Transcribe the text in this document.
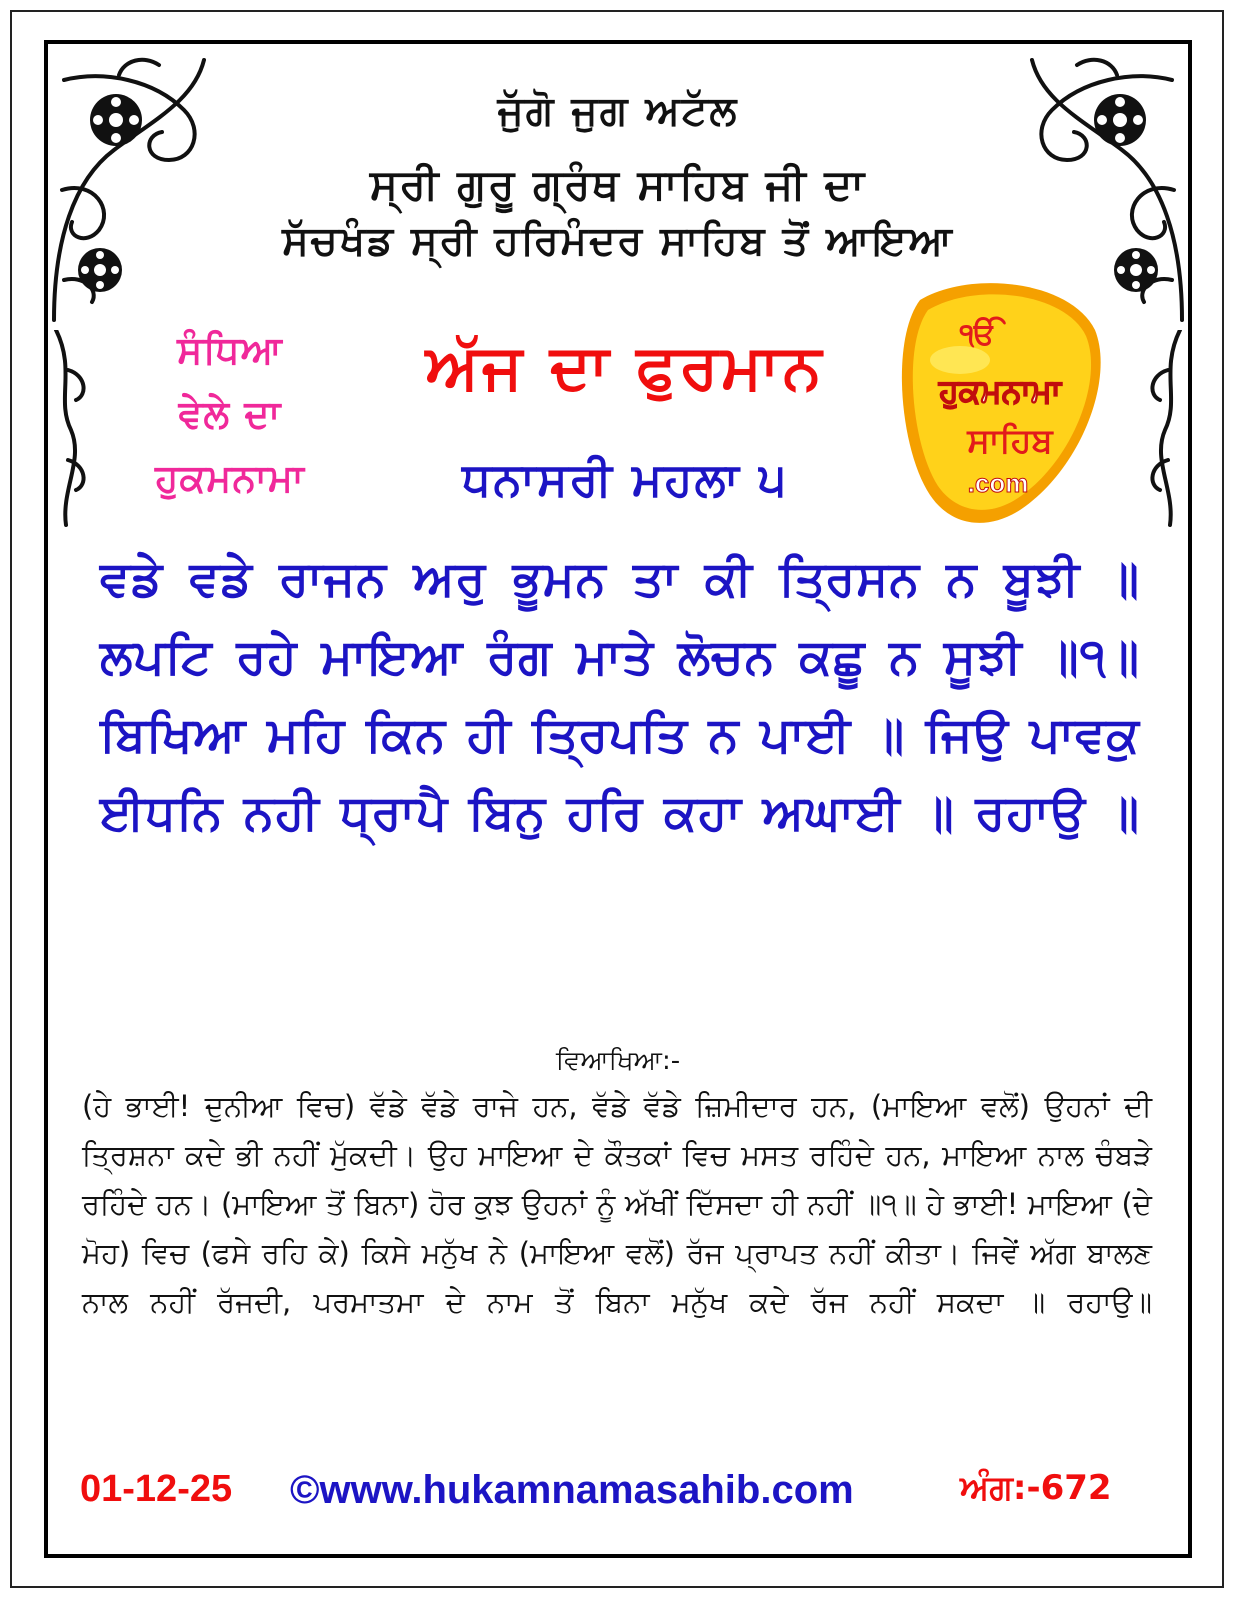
ਜੁੱਗੋ ਜੁਗ ਅਟੱਲ
ਸ੍ਰੀ ਗੁਰੂ ਗ੍ਰੰਥ ਸਾਹਿਬ ਜੀ ਦਾ
ਸੱਚਖੰਡ ਸ੍ਰੀ ਹਰਿਮੰਦਰ ਸਾਹਿਬ ਤੋਂ ਆਇਆ
ਸੰਧਿਆ
ਵੇਲੇ ਦਾ
ਹੁਕਮਨਾਮਾ
ਅੱਜ ਦਾ ਫੁਰਮਾਨ
ਧਨਾਸਰੀ ਮਹਲਾ ੫
ੴ
ਹੁਕਮਨਾਮਾ
ਸਾਹਿਬ
.com
ਵਡੇ ਵਡੇ ਰਾਜਨ ਅਰੁ ਭੂਮਨ ਤਾ ਕੀ ਤ੍ਰਿਸਨ ਨ ਬੂਝੀ ॥ ਲਪਟਿ ਰਹੇ ਮਾਇਆ ਰੰਗ ਮਾਤੇ ਲੋਚਨ ਕਛੂ ਨ ਸੂਝੀ ॥੧॥ ਬਿਖਿਆ ਮਹਿ ਕਿਨ ਹੀ ਤ੍ਰਿਪਤਿ ਨ ਪਾਈ ॥ ਜਿਉ ਪਾਵਕੁ ਈਧਨਿ ਨਹੀ ਧ੍ਰਾਪੈ ਬਿਨੁ ਹਰਿ ਕਹਾ ਅਘਾਈ ॥ ਰਹਾਉ ॥
ਵਿਆਖਿਆ:-
(ਹੇ ਭਾਈ! ਦੁਨੀਆ ਵਿਚ) ਵੱਡੇ ਵੱਡੇ ਰਾਜੇ ਹਨ, ਵੱਡੇ ਵੱਡੇ ਜ਼ਿਮੀਦਾਰ ਹਨ, (ਮਾਇਆ ਵਲੋਂ) ਉਹਨਾਂ ਦੀ ਤ੍ਰਿਸ਼ਨਾ ਕਦੇ ਭੀ ਨਹੀਂ ਮੁੱਕਦੀ। ਉਹ ਮਾਇਆ ਦੇ ਕੌਤਕਾਂ ਵਿਚ ਮਸਤ ਰਹਿੰਦੇ ਹਨ, ਮਾਇਆ ਨਾਲ ਚੰਬੜੇ ਰਹਿੰਦੇ ਹਨ। (ਮਾਇਆ ਤੋਂ ਬਿਨਾ) ਹੋਰ ਕੁਝ ਉਹਨਾਂ ਨੂੰ ਅੱਖੀਂ ਦਿੱਸਦਾ ਹੀ ਨਹੀਂ ॥੧॥ ਹੇ ਭਾਈ! ਮਾਇਆ (ਦੇ ਮੋਹ) ਵਿਚ (ਫਸੇ ਰਹਿ ਕੇ) ਕਿਸੇ ਮਨੁੱਖ ਨੇ (ਮਾਇਆ ਵਲੋਂ) ਰੱਜ ਪ੍ਰਾਪਤ ਨਹੀਂ ਕੀਤਾ। ਜਿਵੇਂ ਅੱਗ ਬਾਲਣ ਨਾਲ ਨਹੀਂ ਰੱਜਦੀ, ਪਰਮਾਤਮਾ ਦੇ ਨਾਮ ਤੋਂ ਬਿਨਾ ਮਨੁੱਖ ਕਦੇ ਰੱਜ ਨਹੀਂ ਸਕਦਾ ॥ ਰਹਾਉ॥
01-12-25 ©www.hukamnamasahib.com	ਅੰਗ:-672
